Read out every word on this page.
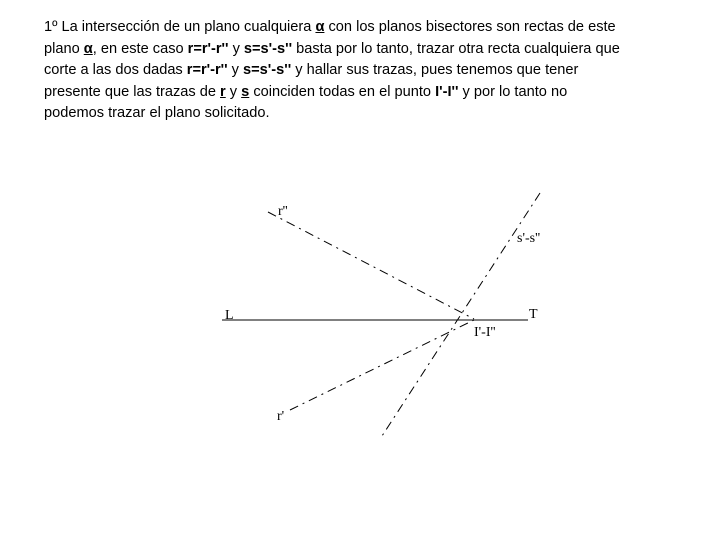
1º La intersección de un plano cualquiera α con los planos bisectores son rectas de este
plano α, en este caso r=r'-r'' y s=s'-s'' basta por lo tanto, trazar otra recta cualquiera que
corte a las dos dadas r=r'-r'' y s=s'-s'' y hallar sus trazas, pues tenemos que tener
presente que las trazas de r y s coinciden todas en el punto I'-I'' y por lo tanto no
podemos trazar el plano solicitado.
L	T
r''
r'
s'-s''
I'-I''
